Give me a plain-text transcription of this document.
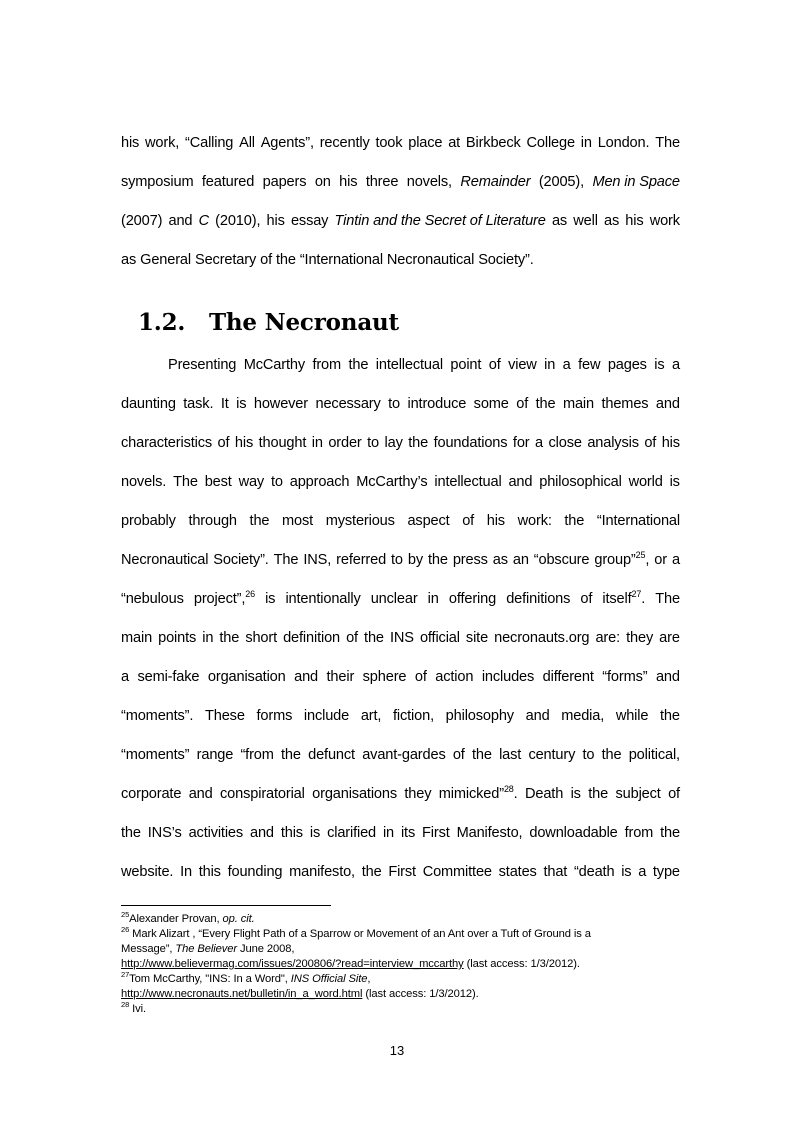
his work, “Calling All Agents”, recently took place at Birkbeck College in London. The
symposium featured papers on his three novels, Remainder (2005), Men in Space
(2007) and C (2010), his essay Tintin and the Secret of Literature as well as his work
as General Secretary of the “International Necronautical Society”.
1.2. The Necronaut
Presenting McCarthy from the intellectual point of view in a few pages is a
daunting task. It is however necessary to introduce some of the main themes and
characteristics of his thought in order to lay the foundations for a close analysis of his
novels. The best way to approach McCarthy’s intellectual and philosophical world is
probably through the most mysterious aspect of his work: the “International
Necronautical Society”. The INS, referred to by the press as an “obscure group”$^{25}$, or a
“nebulous project”,$^{26}$ is intentionally unclear in offering definitions of itself$^{27}$. The
main points in the short definition of the INS official site necronauts.org are: they are
a semi-fake organisation and their sphere of action includes different “forms” and
“moments”. These forms include art, fiction, philosophy and media, while the
“moments” range “from the defunct avant-gardes of the last century to the political,
corporate and conspiratorial organisations they mimicked”$^{28}$. Death is the subject of
the INS’s activities and this is clarified in its First Manifesto, downloadable from the
website. In this founding manifesto, the First Committee states that “death is a type
$^{25}$Alexander Provan, op. cit.
$^{26}$ Mark Alizart , “Every Flight Path of a Sparrow or Movement of an Ant over a Tuft of Ground is a
Message”, The Believer June 2008,
http://www.believermag.com/issues/200806/?read=interview_mccarthy (last access: 1/3/2012).
$^{27}$Tom McCarthy, "INS: In a Word", INS Official Site,
http://www.necronauts.net/bulletin/in_a_word.html (last access: 1/3/2012).
$^{28}$ Ivi.
13
